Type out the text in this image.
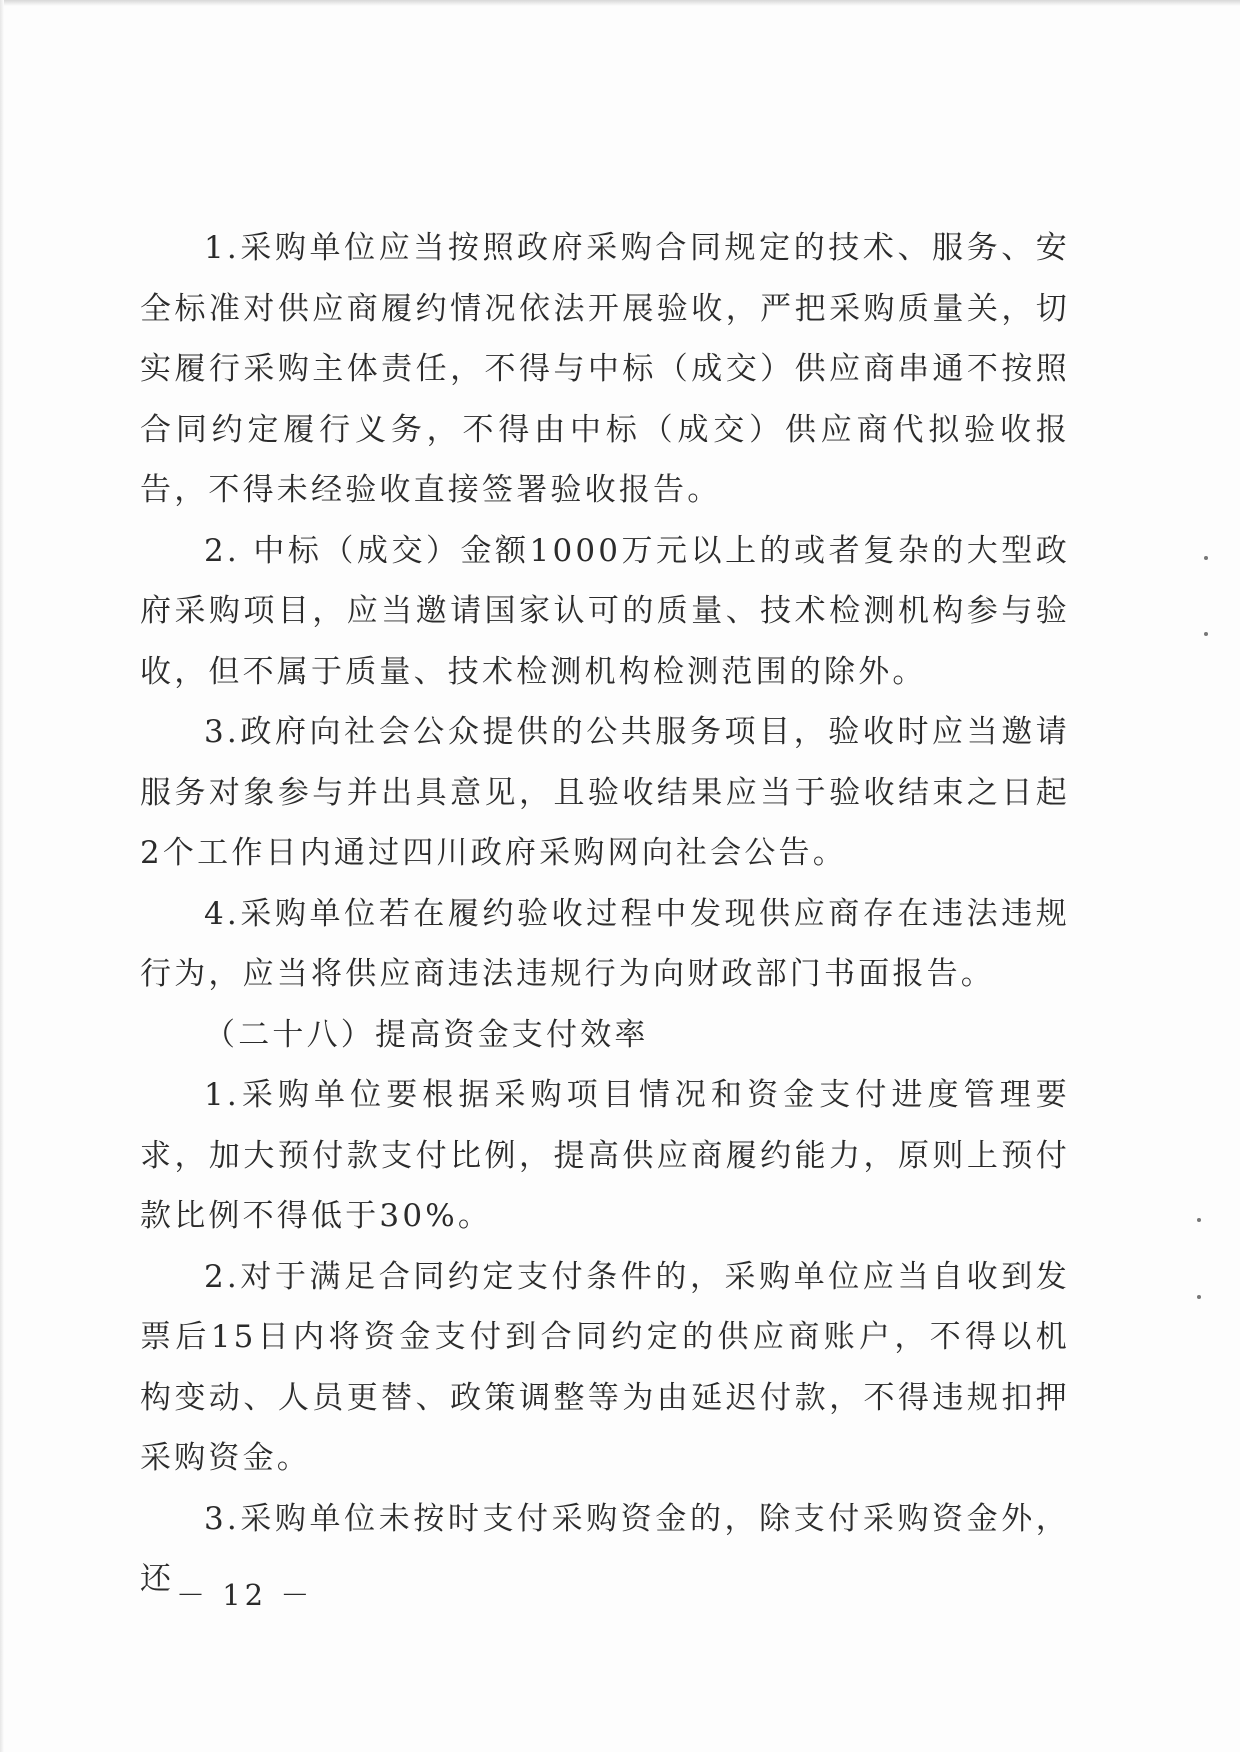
1.采购单位应当按照政府采购合同规定的技术、服务、安全标准对供应商履约情况依法开展验收，严把采购质量关，切实履行采购主体责任，不得与中标（成交）供应商串通不按照合同约定履行义务，不得由中标（成交）供应商代拟验收报告，不得未经验收直接签署验收报告。

2. 中标（成交）金额1000万元以上的或者复杂的大型政府采购项目，应当邀请国家认可的质量、技术检测机构参与验收，但不属于质量、技术检测机构检测范围的除外。

3.政府向社会公众提供的公共服务项目，验收时应当邀请服务对象参与并出具意见，且验收结果应当于验收结束之日起2个工作日内通过四川政府采购网向社会公告。

4.采购单位若在履约验收过程中发现供应商存在违法违规行为，应当将供应商违法违规行为向财政部门书面报告。

（二十八）提高资金支付效率

1.采购单位要根据采购项目情况和资金支付进度管理要求，加大预付款支付比例，提高供应商履约能力，原则上预付款比例不得低于30%。

2.对于满足合同约定支付条件的，采购单位应当自收到发票后15日内将资金支付到合同约定的供应商账户，不得以机构变动、人员更替、政策调整等为由延迟付款，不得违规扣押采购资金。

3.采购单位未按时支付采购资金的，除支付采购资金外，还 － 12 －
